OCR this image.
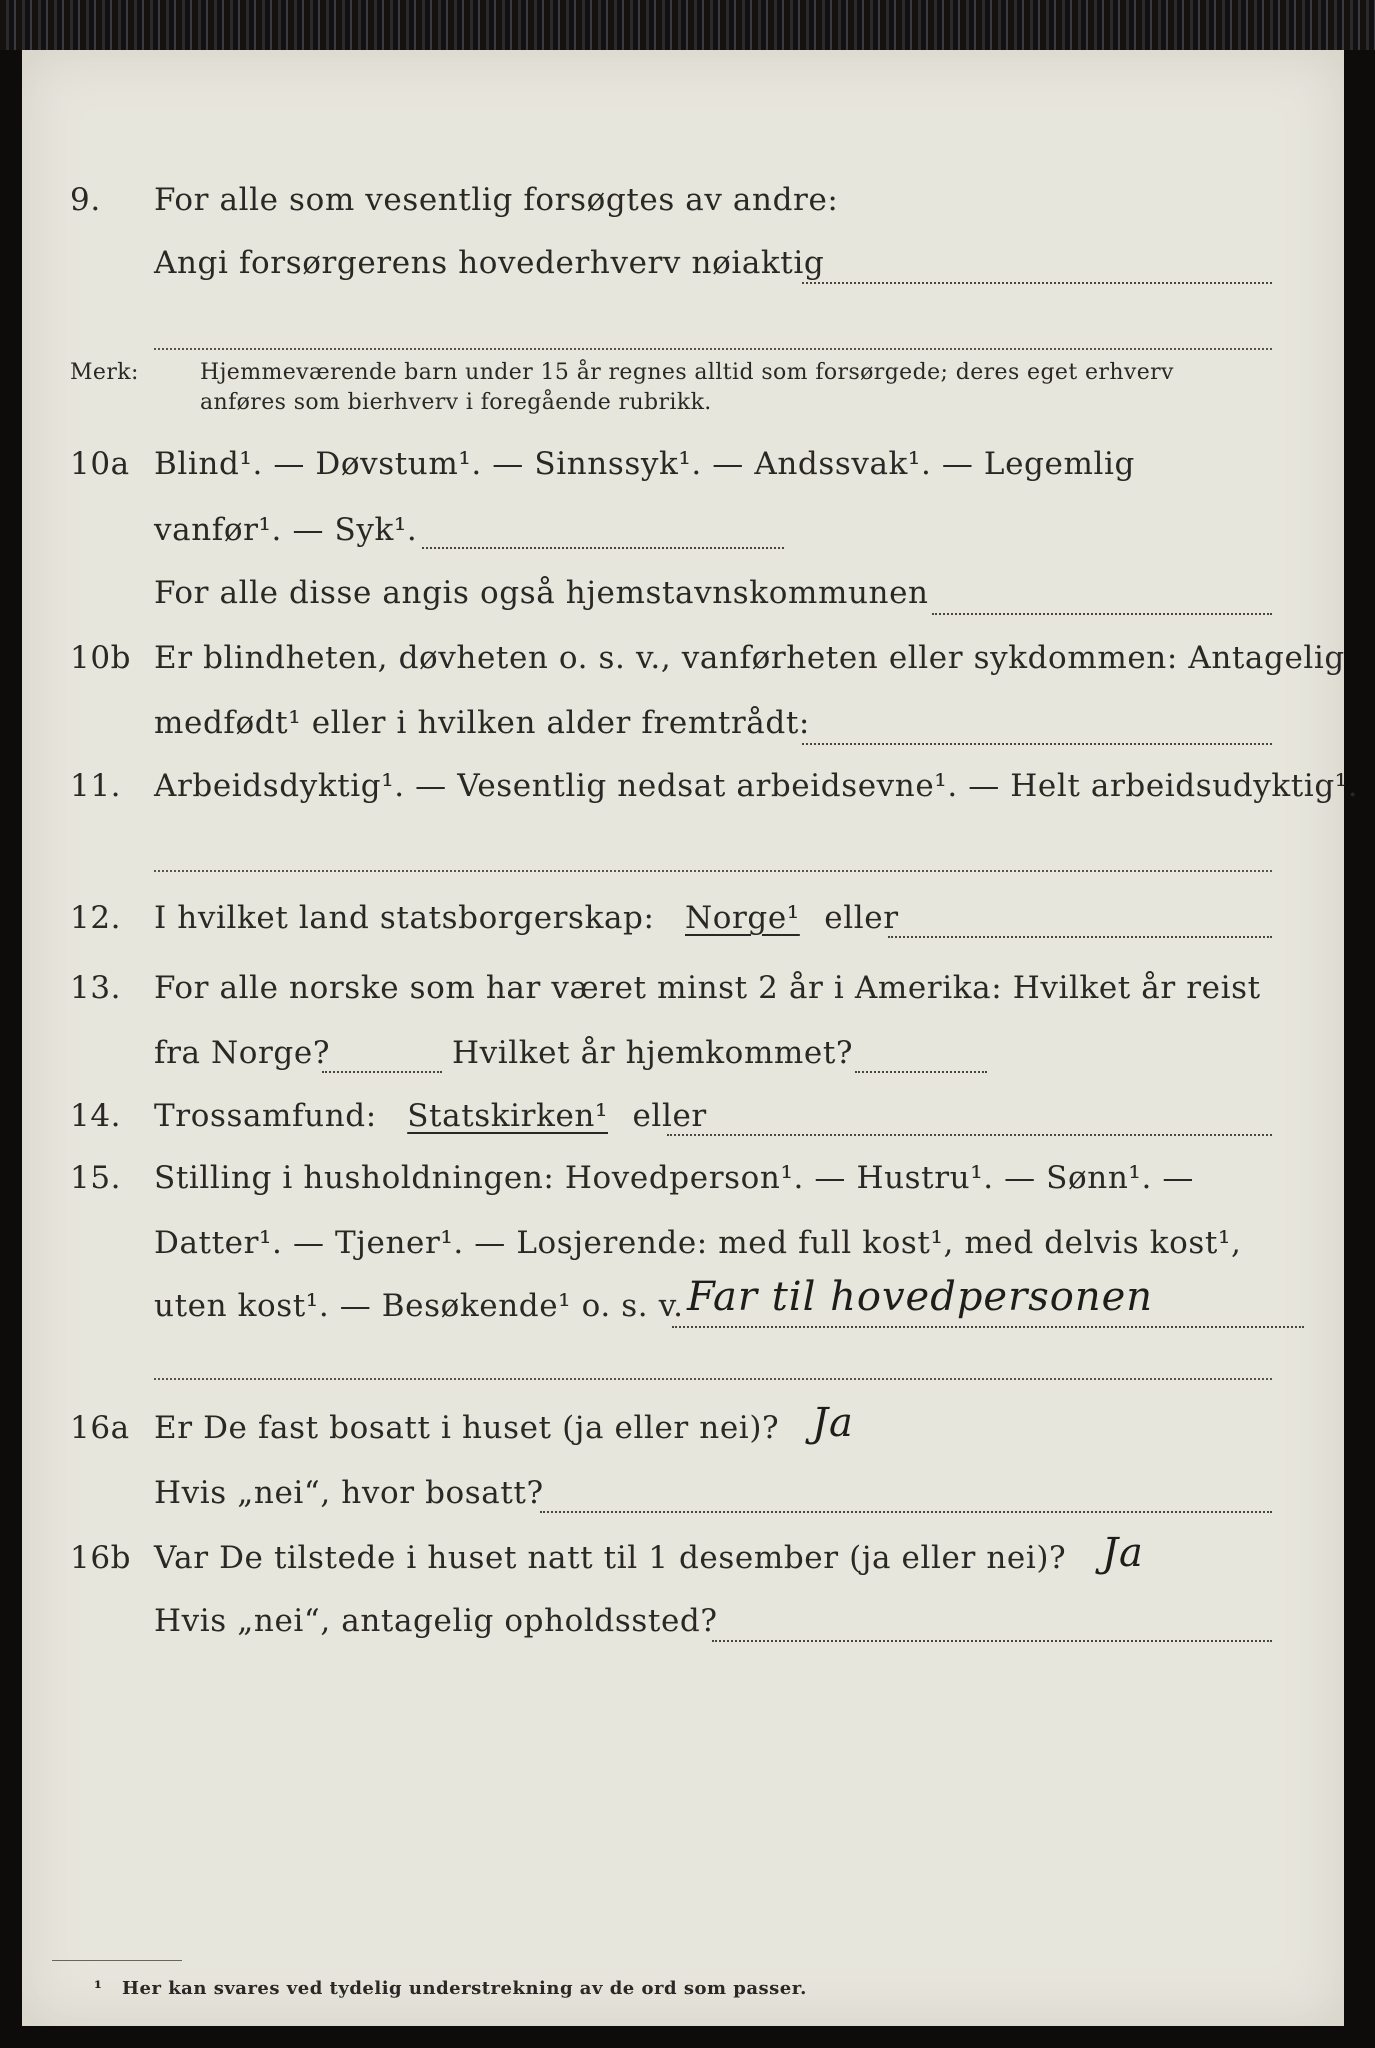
9.	For alle som vesentlig forsøgtes av andre:
Angi forsørgerens hovederhverv nøiaktig
Merk:	Hjemmeværende barn under 15 år regnes alltid som forsørgede; deres eget erhverv
anføres som bierhverv i foregående rubrikk.
10a Blind¹. — Døvstum¹. — Sinnssyk¹. — Andssvak¹. — Legemlig
vanfør¹. — Syk¹.
For alle disse angis også hjemstavnskommunen
10b Er blindheten, døvheten o. s. v., vanførheten eller sykdommen: Antagelig
medfødt¹ eller i hvilken alder fremtrådt:
11.	Arbeidsdyktig¹. — Vesentlig nedsat arbeidsevne¹. — Helt arbeidsudyktig¹.
12.	I hvilket land statsborgerskap: Norge¹ eller
13.	For alle norske som har været minst 2 år i Amerika: Hvilket år reist
fra Norge?	Hvilket år hjemkommet?
14.	Trossamfund: Statskirken¹ eller
15.	Stilling i husholdningen: Hovedperson¹. — Hustru¹. — Sønn¹. —
Datter¹. — Tjener¹. — Losjerende: med full kost¹, med delvis kost¹,
uten kost¹. — Besøkende¹ o. s. v. Far til hovedpersonen
16a Er De fast bosatt i huset (ja eller nei)? Ja
Hvis „nei“, hvor bosatt?
16b Var De tilstede i huset natt til 1 desember (ja eller nei)? Ja
Hvis „nei“, antagelig opholdssted?
¹ Her kan svares ved tydelig understrekning av de ord som passer.
